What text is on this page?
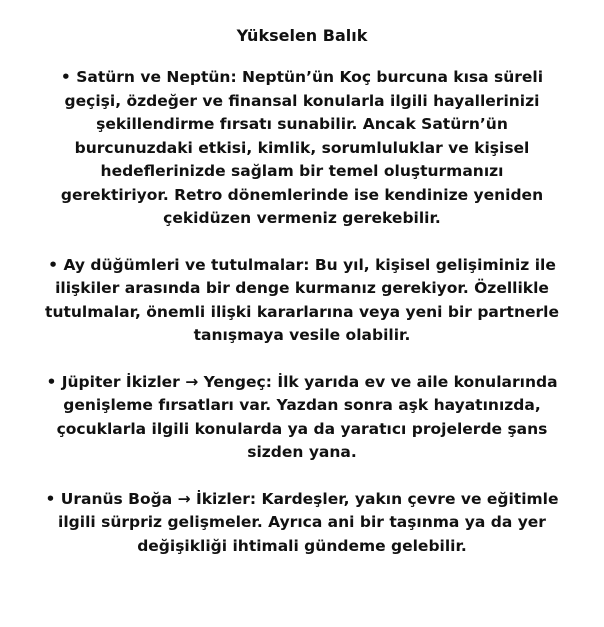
Yükselen Balık
• Satürn ve Neptün: Neptün’ün Koç burcuna kısa süreli
geçişi, özdeğer ve finansal konularla ilgili hayallerinizi
şekillendirme fırsatı sunabilir. Ancak Satürn’ün
burcunuzdaki etkisi, kimlik, sorumluluklar ve kişisel
hedeflerinizde sağlam bir temel oluşturmanızı
gerektiriyor. Retro dönemlerinde ise kendinize yeniden
çekidüzen vermeniz gerekebilir.
• Ay düğümleri ve tutulmalar: Bu yıl, kişisel gelişiminiz ile
ilişkiler arasında bir denge kurmanız gerekiyor. Özellikle
tutulmalar, önemli ilişki kararlarına veya yeni bir partnerle
tanışmaya vesile olabilir.
• Jüpiter İkizler → Yengeç: İlk yarıda ev ve aile konularında
genişleme fırsatları var. Yazdan sonra aşk hayatınızda,
çocuklarla ilgili konularda ya da yaratıcı projelerde şans
sizden yana.
• Uranüs Boğa → İkizler: Kardeşler, yakın çevre ve eğitimle
ilgili sürpriz gelişmeler. Ayrıca ani bir taşınma ya da yer
değişikliği ihtimali gündeme gelebilir.
